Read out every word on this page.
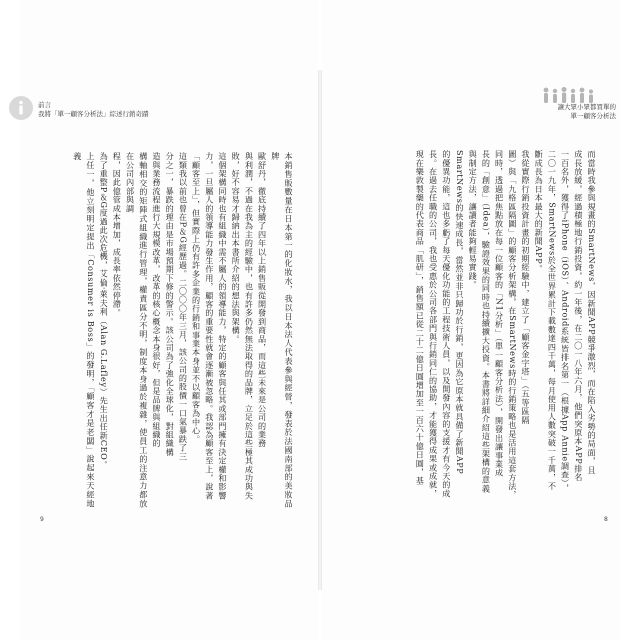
前言
我將「單一顧客分析法」綜述行銷奇蹟
讓大眾小眾都買單的
單一顧客分析法
本銷售販數量在日本第一的化妝水，我以日本法人代表參與經營，發表於法國南部的美妝品牌
歐舒丹，徹底持續了四年以上銷售販從開發到商品，而這些未來是公司的業務
與利潤，不過在我為主的經驗中，也有許多仍然無法取得的品牌，立足於這些極其成功與失
敗，好不容易才歸納出本書所介紹的想法與架構。
這個架構同時也有組織中需不屬人的領導能力，特定的顧客與任其或部門擁有決定權和影響
力，一旦屬人的領導能力發生作用，顧客的重要性就會逐漸被忽略。我認為顧客至上，說著
「顧客至上」，但實際上仍有許多企業的行銷和事業本身並不以顧客為中心。
這類我以前也曾在P＆G經歷過。二〇〇〇年三月，該公司的股價一口氣暴跌了三
分之一，暴跌的理由是市場預期下修的警示。該公司為了強化全球化，對組織構
造與業務流程進行大規模改革，改革的核心概念本身很好，但是品牌與組織的
構軸相交的矩陣式組織進行管理，權責區分不明，制度本身過於複雜，使員工的注意力都放在公司內部與調
程，因此億管成本增加，成長率依然停滯。
為了重整P＆G度過此次危機，艾倫·萊夫利（Alan G.Lafley）先生出任新CEO。
上任一，他立刻明定提出「Consumer is Boss」的發明，「顧客才是老闆」說起來天經地義	而當時我參與規畫的SmartNews，因新聞APP競爭激烈，而在陷入劣勢的局面，且
成長放緩，經過積極地行銷投資，約一年後，在二〇一八年六月，他們突原本APP排名
一百名外，獲得了iPhone（iOS）、Android系統皆排名第一（根據App Annie調查），
二〇一九年，SmartNews於全世界累計下載數達四千萬，每月使用人數突破一千萬，不
斷成長為日本最大的新聞APP。
我從實際行銷投資計畫的初期經驗中，建立了「顧客金字塔」（五等區隔
圖）與「九格區隔圖」的顧客分析架構，在SmartNews時的行銷策略也是活用這套方法，
同時，透過把焦點放在每一位顧客的「N1分析」（單一顧客分析法），開發出讓事業成
長的「創意」（Idea），驗證效果的同時也持續擴大投資。本書將詳細介紹這些架構的意義
與制定方法，讓讀者能夠輕易實踐。
SmartNews的快速成長，當然並非只歸功於行銷，更因為它原本就具備了新聞APP
的優異功能，這也多虧了每天優化功能的工程技術人員，以及開發內容的支援才有今天的成
長。在過去任職的公司，我也受惠於公司各部門與行銷同仁的協助，才能獲得成果或成就，
現在樂敦製藥的代表商品「肌研」，銷售額已從二十二億日圓增加至一百六十億日圓，基
9	8
